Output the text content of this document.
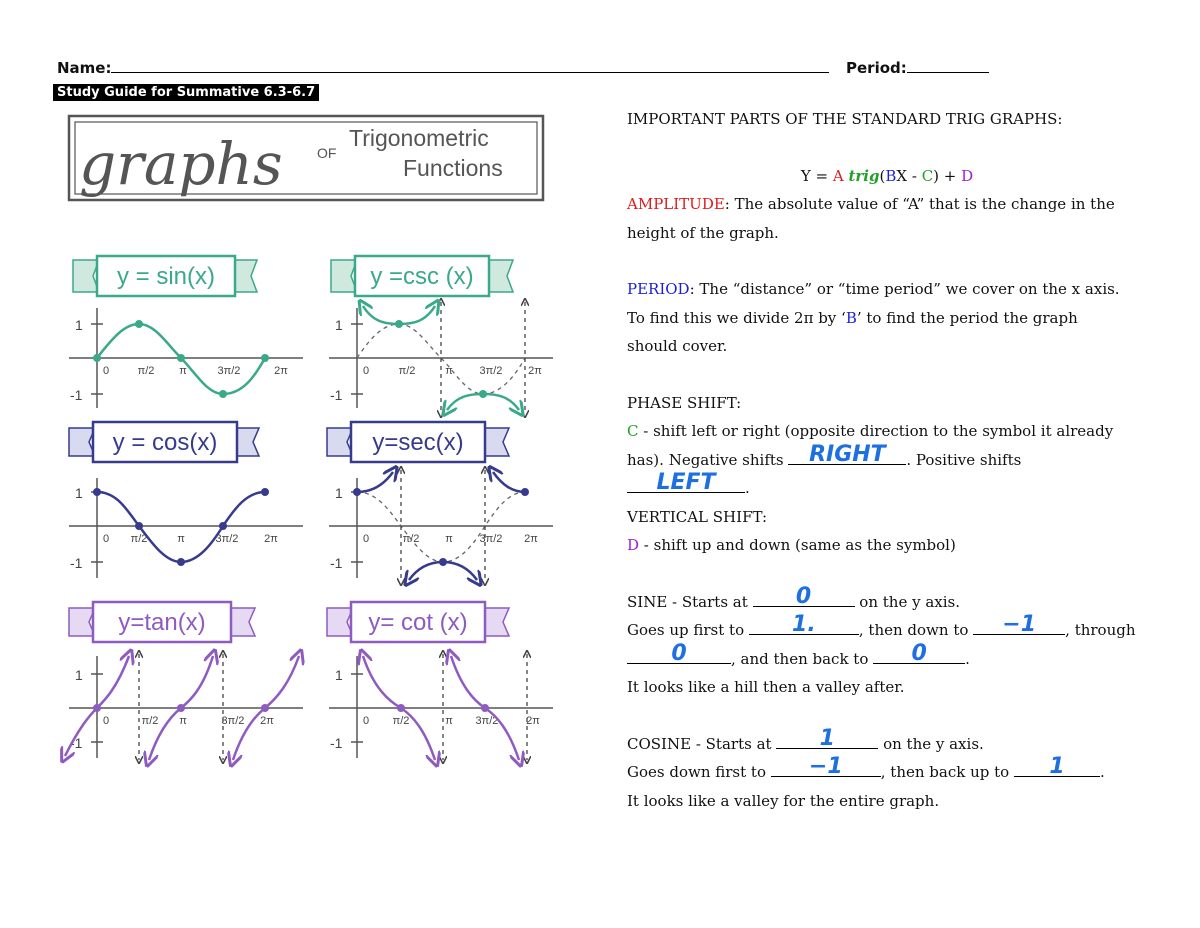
Name:	Period:
Study Guide for Summative 6.3-6.7
graphs OF
Trigonometric
Functions
y = sin(x)
1
-1
0	π/2 π	3π/2	2π
y =csc (x)
1
-1
0	π/2	π 3π/2 2π
y = cos(x)
1
-1
0 π/2	π	3π/2 2π
y=sec(x)
1
-1
0	π/2 π 3π/2 2π
y=tan(x)
1
-1
0	π/2 π	3π/2 2π
y= cot (x)
1
-1
0 π/2	π 3π/2	2π

IMPORTANT PARTS OF THE STANDARD TRIG GRAPHS:

Y = A trig(BX - C) + D

AMPLITUDE: The absolute value of “A” that is the change in the

height of the graph.

PERIOD: The “distance” or “time period” we cover on the x axis.

To find this we divide 2π by ‘B’ to find the period the graph

should cover.

PHASE SHIFT:

C - shift left or right (opposite direction to the symbol it already

has). Negative shifts RIGHT	. Positive shifts

LEFT	.

VERTICAL SHIFT:

D - shift up and down (same as the symbol)

SINE - Starts at	0	on the y axis.

Goes up first to	1.	, then down to	−1	, through

0	, and then back to	0	.

It looks like a hill then a valley after.

COSINE - Starts at	1	on the y axis.

Goes down first to	−1	, then back up to	1	.

It looks like a valley for the entire graph.
